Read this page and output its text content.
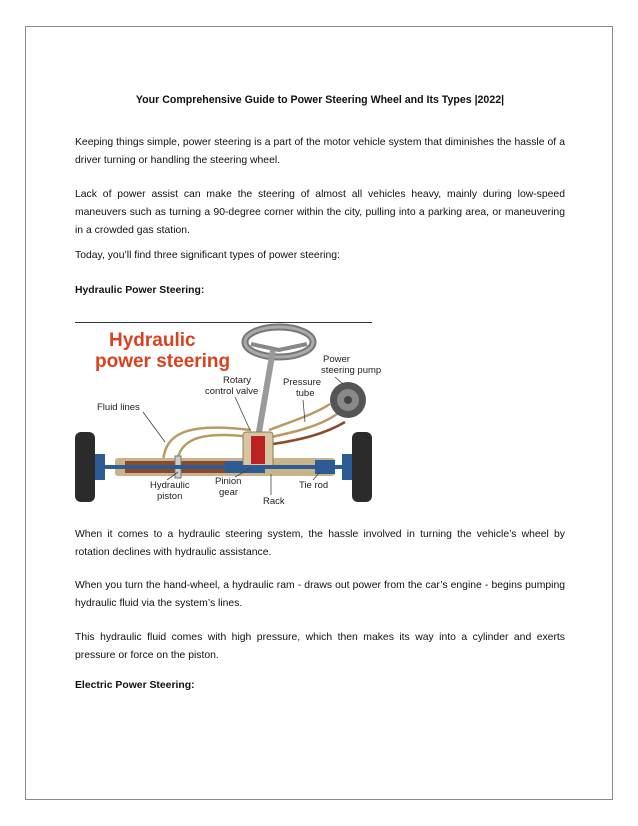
Your Comprehensive Guide to Power Steering Wheel and Its Types |2022|

Keeping things simple, power steering is a part of the motor vehicle system that diminishes the hassle of a driver turning or handling the steering wheel.

Lack of power assist can make the steering of almost all vehicles heavy, mainly during low-speed maneuvers such as turning a 90-degree corner within the city, pulling into a parking area, or maneuvering in a crowded gas station.

Today, you’ll find three significant types of power steering:

Hydraulic Power Steering:
Hydraulic
power steering
Rotary
control valve
Fluid lines
Power
steering pump
Pressure
tube
Hydraulic
piston
Pinion
gear
Tie rod
Rack

When it comes to a hydraulic steering system, the hassle involved in turning the vehicle’s wheel by rotation declines with hydraulic assistance.

When you turn the hand-wheel, a hydraulic ram - draws out power from the car’s engine - begins pumping hydraulic fluid via the system’s lines.

This hydraulic fluid comes with high pressure, which then makes its way into a cylinder and exerts pressure or force on the piston.

Electric Power Steering:
